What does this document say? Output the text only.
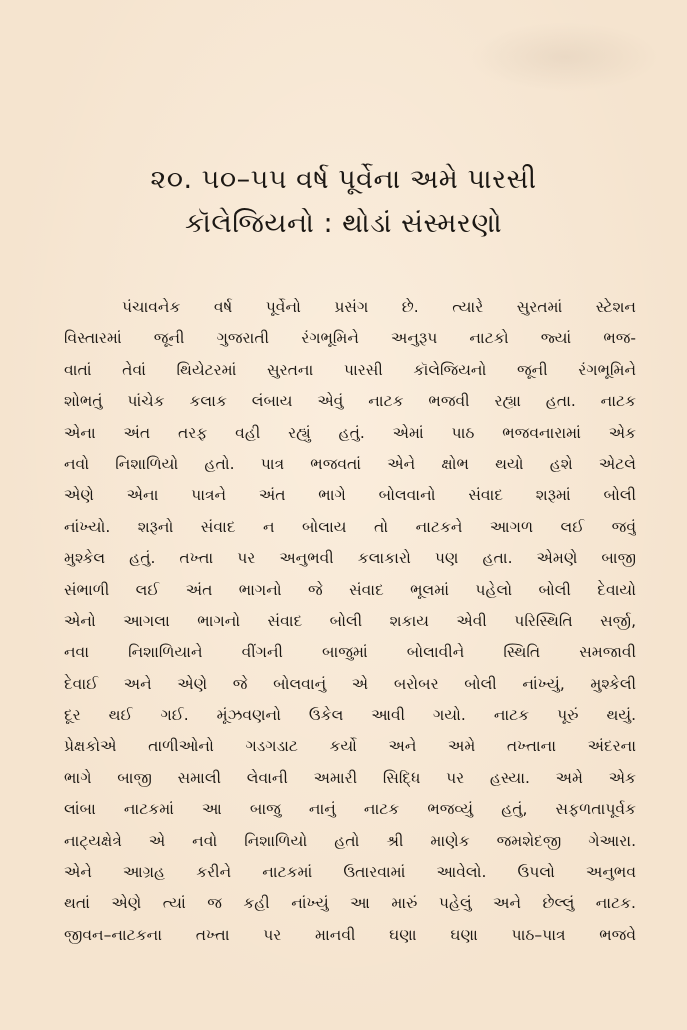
૨૦. ૫૦–૫૫ વર્ષ પૂર્વેના અમે પારસી
કૉલેજિયનો : થોડાં સંસ્મરણો
પંચાવનેક વર્ષ પૂર્વેનો પ્રસંગ છે. ત્યારે સુરતમાં સ્ટેશન
વિસ્તારમાં જૂની ગુજરાતી રંગભૂમિને અનુરૂપ નાટકો જ્યાં ભજ-
વાતાં તેવાં થિયેટરમાં સુરતના પારસી કૉલેજિયનો જૂની રંગભૂમિને
શોભતું પાંચેક કલાક લંબાય એવું નાટક ભજવી રહ્યા હતા. નાટક
એના અંત તરફ વહી રહ્યું હતું. એમાં પાઠ ભજવનારામાં એક
નવો નિશાળિયો હતો. પાત્ર ભજવતાં એને ક્ષોભ થયો હશે એટલે
એણે એના પાત્રને અંત ભાગે બોલવાનો સંવાદ શરૂમાં બોલી
નાંખ્યો. શરૂનો સંવાદ ન બોલાય તો નાટકને આગળ લઈ જવું
મુશ્કેલ હતું. તખ્તા પર અનુભવી કલાકારો પણ હતા. એમણે બાજી
સંભાળી લઈ અંત ભાગનો જે સંવાદ ભૂલમાં પહેલો બોલી દેવાયો
એનો આગલા ભાગનો સંવાદ બોલી શકાય એવી પરિસ્થિતિ સર્જી,
નવા નિશાળિયાને વીંગની બાજુમાં બોલાવીને સ્થિતિ સમજાવી
દેવાઈ અને એણે જે બોલવાનું એ બરોબર બોલી નાંખ્યું, મુશ્કેલી
દૂર થઈ ગઈ. મૂંઝવણનો ઉકેલ આવી ગયો. નાટક પૂરું થયું.
પ્રેક્ષકોએ તાળીઓનો ગડગડાટ કર્યો અને અમે તખ્તાના અંદરના
ભાગે બાજી સમાલી લેવાની અમારી સિદ્ધિ પર હસ્યા. અમે એક
લાંબા નાટકમાં આ બાજુ નાનું નાટક ભજવ્યું હતું, સફળતાપૂર્વક
નાટ્યક્ષેત્રે એ નવો નિશાળિયો હતો શ્રી માણેક જમશેદજી ગેઆરા.
એને આગ્રહ કરીને નાટકમાં ઉતારવામાં આવેલો. ઉપલો અનુભવ
થતાં એણે ત્યાં જ કહી નાંખ્યું આ મારું પહેલું અને છેલ્લું નાટક.
જીવન–નાટકના તખ્તા પર માનવી ઘણા ઘણા પાઠ–પાત્ર ભજવે
